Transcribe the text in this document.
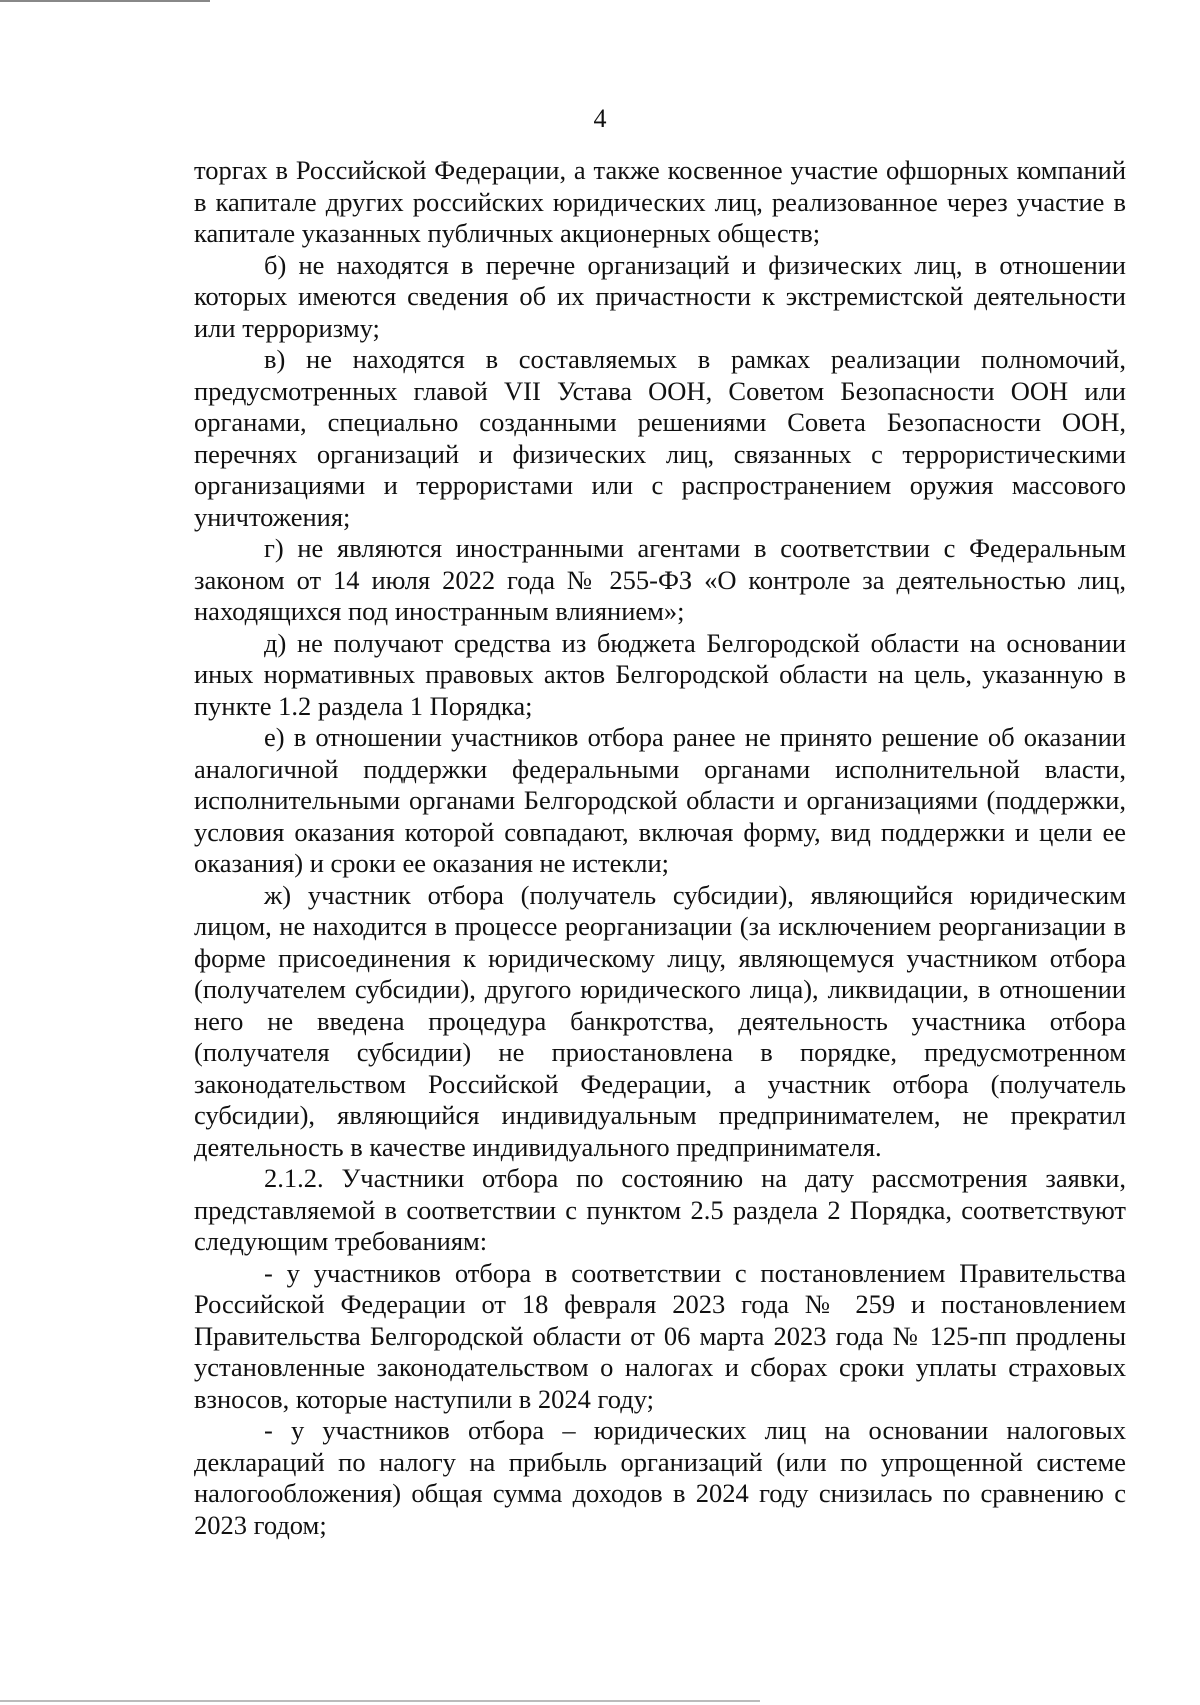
4

торгах в Российской Федерации, а также косвенное участие офшорных компаний в капитале других российских юридических лиц, реализованное через участие в капитале указанных публичных акционерных обществ;

б) не находятся в перечне организаций и физических лиц, в отношении которых имеются сведения об их причастности к экстремистской деятельности или терроризму;

в) не находятся в составляемых в рамках реализации полномочий, предусмотренных главой VII Устава ООН, Советом Безопасности ООН или органами, специально созданными решениями Совета Безопасности ООН, перечнях организаций и физических лиц, связанных с террористическими организациями и террористами или с распространением оружия массового уничтожения;

г) не являются иностранными агентами в соответствии с Федеральным законом от 14 июля 2022 года № 255-ФЗ «О контроле за деятельностью лиц, находящихся под иностранным влиянием»;

д) не получают средства из бюджета Белгородской области на основании иных нормативных правовых актов Белгородской области на цель, указанную в пункте 1.2 раздела 1 Порядка;

е) в отношении участников отбора ранее не принято решение об оказании аналогичной поддержки федеральными органами исполнительной власти, исполнительными органами Белгородской области и организациями (поддержки, условия оказания которой совпадают, включая форму, вид поддержки и цели ее оказания) и сроки ее оказания не истекли;

ж) участник отбора (получатель субсидии), являющийся юридическим лицом, не находится в процессе реорганизации (за исключением реорганизации в форме присоединения к юридическому лицу, являющемуся участником отбора (получателем субсидии), другого юридического лица), ликвидации, в отношении него не введена процедура банкротства, деятельность участника отбора (получателя субсидии) не приостановлена в порядке, предусмотренном законодательством Российской Федерации, а участник отбора (получатель субсидии), являющийся индивидуальным предпринимателем, не прекратил деятельность в качестве индивидуального предпринимателя.

2.1.2. Участники отбора по состоянию на дату рассмотрения заявки, представляемой в соответствии с пунктом 2.5 раздела 2 Порядка, соответствуют следующим требованиям:

- у участников отбора в соответствии с постановлением Правительства Российской Федерации от 18 февраля 2023 года № 259 и постановлением Правительства Белгородской области от 06 марта 2023 года № 125-пп продлены установленные законодательством о налогах и сборах сроки уплаты страховых взносов, которые наступили в 2024 году;

- у участников отбора – юридических лиц на основании налоговых деклараций по налогу на прибыль организаций (или по упрощенной системе налогообложения) общая сумма доходов в 2024 году снизилась по сравнению с 2023 годом;
